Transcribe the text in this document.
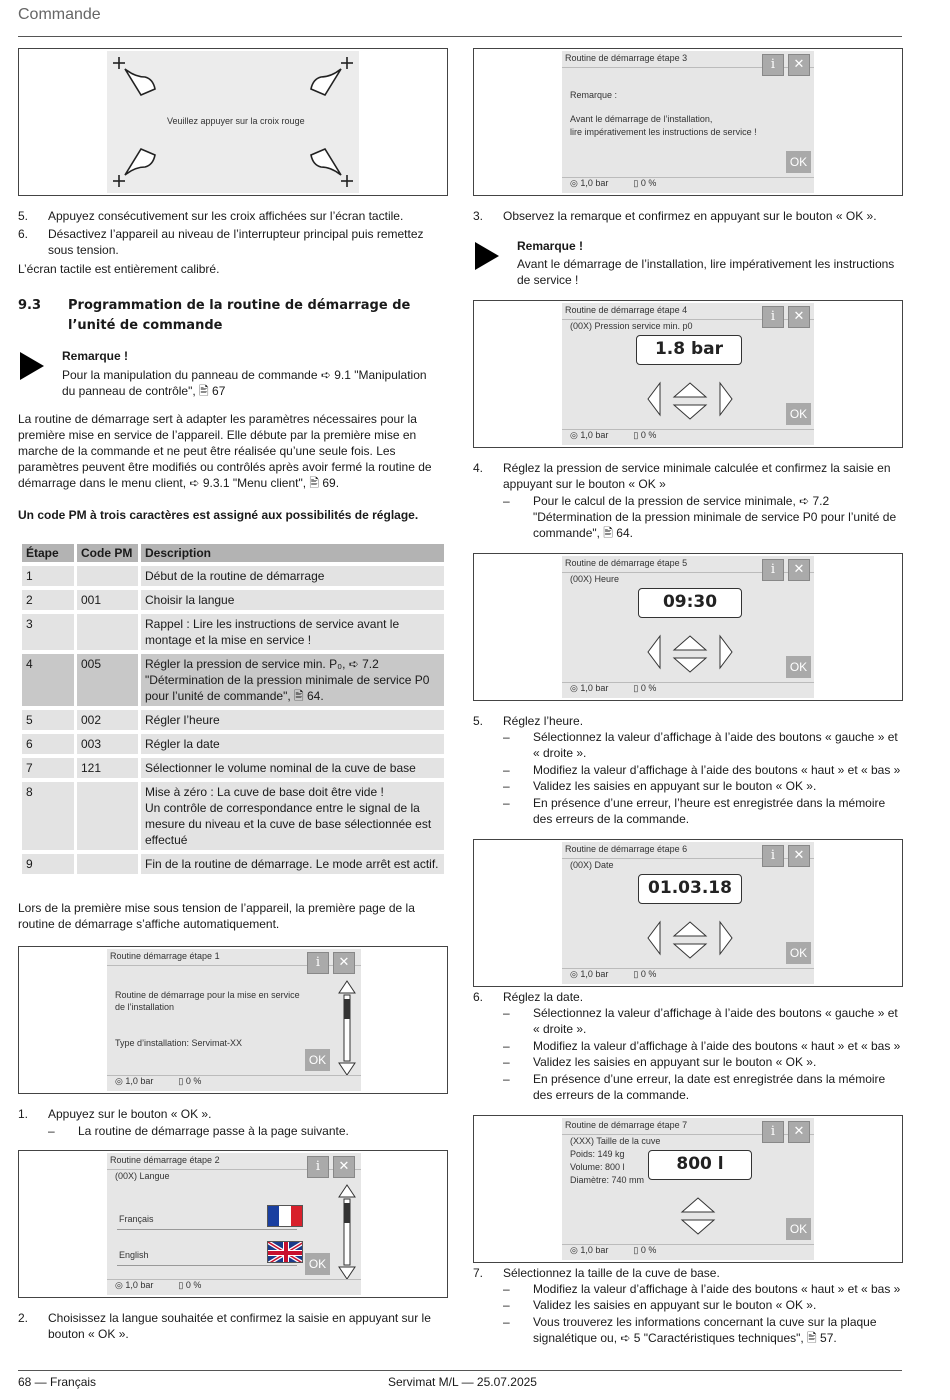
Commande
Veuillez appuyer sur la croix rouge
5. Appuyez consécutivement sur les croix affichées sur l’écran tactile.
6. Désactivez l’appareil au niveau de l’interrupteur principal puis remettez sous tension.
L’écran tactile est entièrement calibré.
9.3 Programmation de la routine de démarrage de l’unité de commande
Remarque !
Pour la manipulation du panneau de commande ➪ 9.1 "Manipulation du panneau de contrôle", 🖹 67
La routine de démarrage sert à adapter les paramètres nécessaires pour la première mise en service de l’appareil. Elle débute par la première mise en marche de la commande et ne peut être réalisée qu’une seule fois. Les paramètres peuvent être modifiés ou contrôlés après avoir fermé la routine de démarrage dans le menu client, ➪ 9.3.1 "Menu client", 🖹 69.
Un code PM à trois caractères est assigné aux possibilités de réglage.
Étape	Code PM	Description
1		Début de la routine de démarrage
2	001	Choisir la langue
3		Rappel : Lire les instructions de service avant le montage et la mise en service !
4	005	Régler la pression de service min. P₀, ➪ 7.2 "Détermination de la pression minimale de service P0 pour l’unité de commande", 🖹 64.
5	002	Régler l’heure
6	003	Régler la date
7	121	Sélectionner le volume nominal de la cuve de base
8		Mise à zéro : La cuve de base doit être vide !
Un contrôle de correspondance entre le signal de la mesure du niveau et la cuve de base sélectionnée est effectué

9		Fin de la routine de démarrage. Le mode arrêt est actif.
Lors de la première mise sous tension de l’appareil, la première page de la routine de démarrage s’affiche automatiquement.
Routine démarrage étape 1	i	✕
Routine de démarrage pour la mise en service
de l’installation
Type d’installation: Servimat-XX
OK
◎ 1,0 bar	▯ 0 %
1. Appuyez sur le bouton « OK ».
– La routine de démarrage passe à la page suivante.
Routine démarrage étape 2
(00X) Langue
i	✕
Français
English
OK
◎ 1,0 bar	▯ 0 %
2. Choisissez la langue souhaitée et confirmez la saisie en appuyant sur le bouton « OK ».
Routine de démarrage étape 3	i	✕
Remarque :
Avant le démarrage de l’installation,
lire impérativement les instructions de service !
OK
◎ 1,0 bar	▯ 0 %
3. Observez la remarque et confirmez en appuyant sur le bouton « OK ».
Remarque !
Avant le démarrage de l’installation, lire impérativement les instructions de service !
Routine de démarrage étape 4
(00X) Pression service min. p0
i	✕
1.8 bar
OK
◎ 1,0 bar	▯ 0 %
4. Réglez la pression de service minimale calculée et confirmez la saisie en appuyant sur le bouton « OK »
– Pour le calcul de la pression de service minimale, ➪ 7.2 "Détermination de la pression minimale de service P0 pour l’unité de commande", 🖹 64.
Routine de démarrage étape 5
(00X) Heure
i	✕
09:30
OK
◎ 1,0 bar	▯ 0 %
5. Réglez l’heure.
– Sélectionnez la valeur d’affichage à l’aide des boutons « gauche » et « droite ».
– Modifiez la valeur d’affichage à l’aide des boutons « haut » et « bas »
– Validez les saisies en appuyant sur le bouton « OK ».
– En présence d’une erreur, l’heure est enregistrée dans la mémoire des erreurs de la commande.
Routine de démarrage étape 6
(00X) Date
i	✕
01.03.18
OK
◎ 1,0 bar	▯ 0 %
6. Réglez la date.
– Sélectionnez la valeur d’affichage à l’aide des boutons « gauche » et « droite ».
– Modifiez la valeur d’affichage à l’aide des boutons « haut » et « bas »
– Validez les saisies en appuyant sur le bouton « OK ».
– En présence d’une erreur, la date est enregistrée dans la mémoire des erreurs de la commande.
Routine de démarrage étape 7
(XXX) Taille de la cuve
Poids: 149 kg
Volume: 800 l
Diamètre: 740 mm
i	✕
800 l
OK
◎ 1,0 bar	▯ 0 %
7. Sélectionnez la taille de la cuve de base.
– Modifiez la valeur d’affichage à l’aide des boutons « haut » et « bas »
– Validez les saisies en appuyant sur le bouton « OK ».
– Vous trouverez les informations concernant la cuve sur la plaque signalétique ou, ➪ 5 "Caractéristiques techniques", 🖹 57.
68 — Français	Servimat M/L — 25.07.2025
